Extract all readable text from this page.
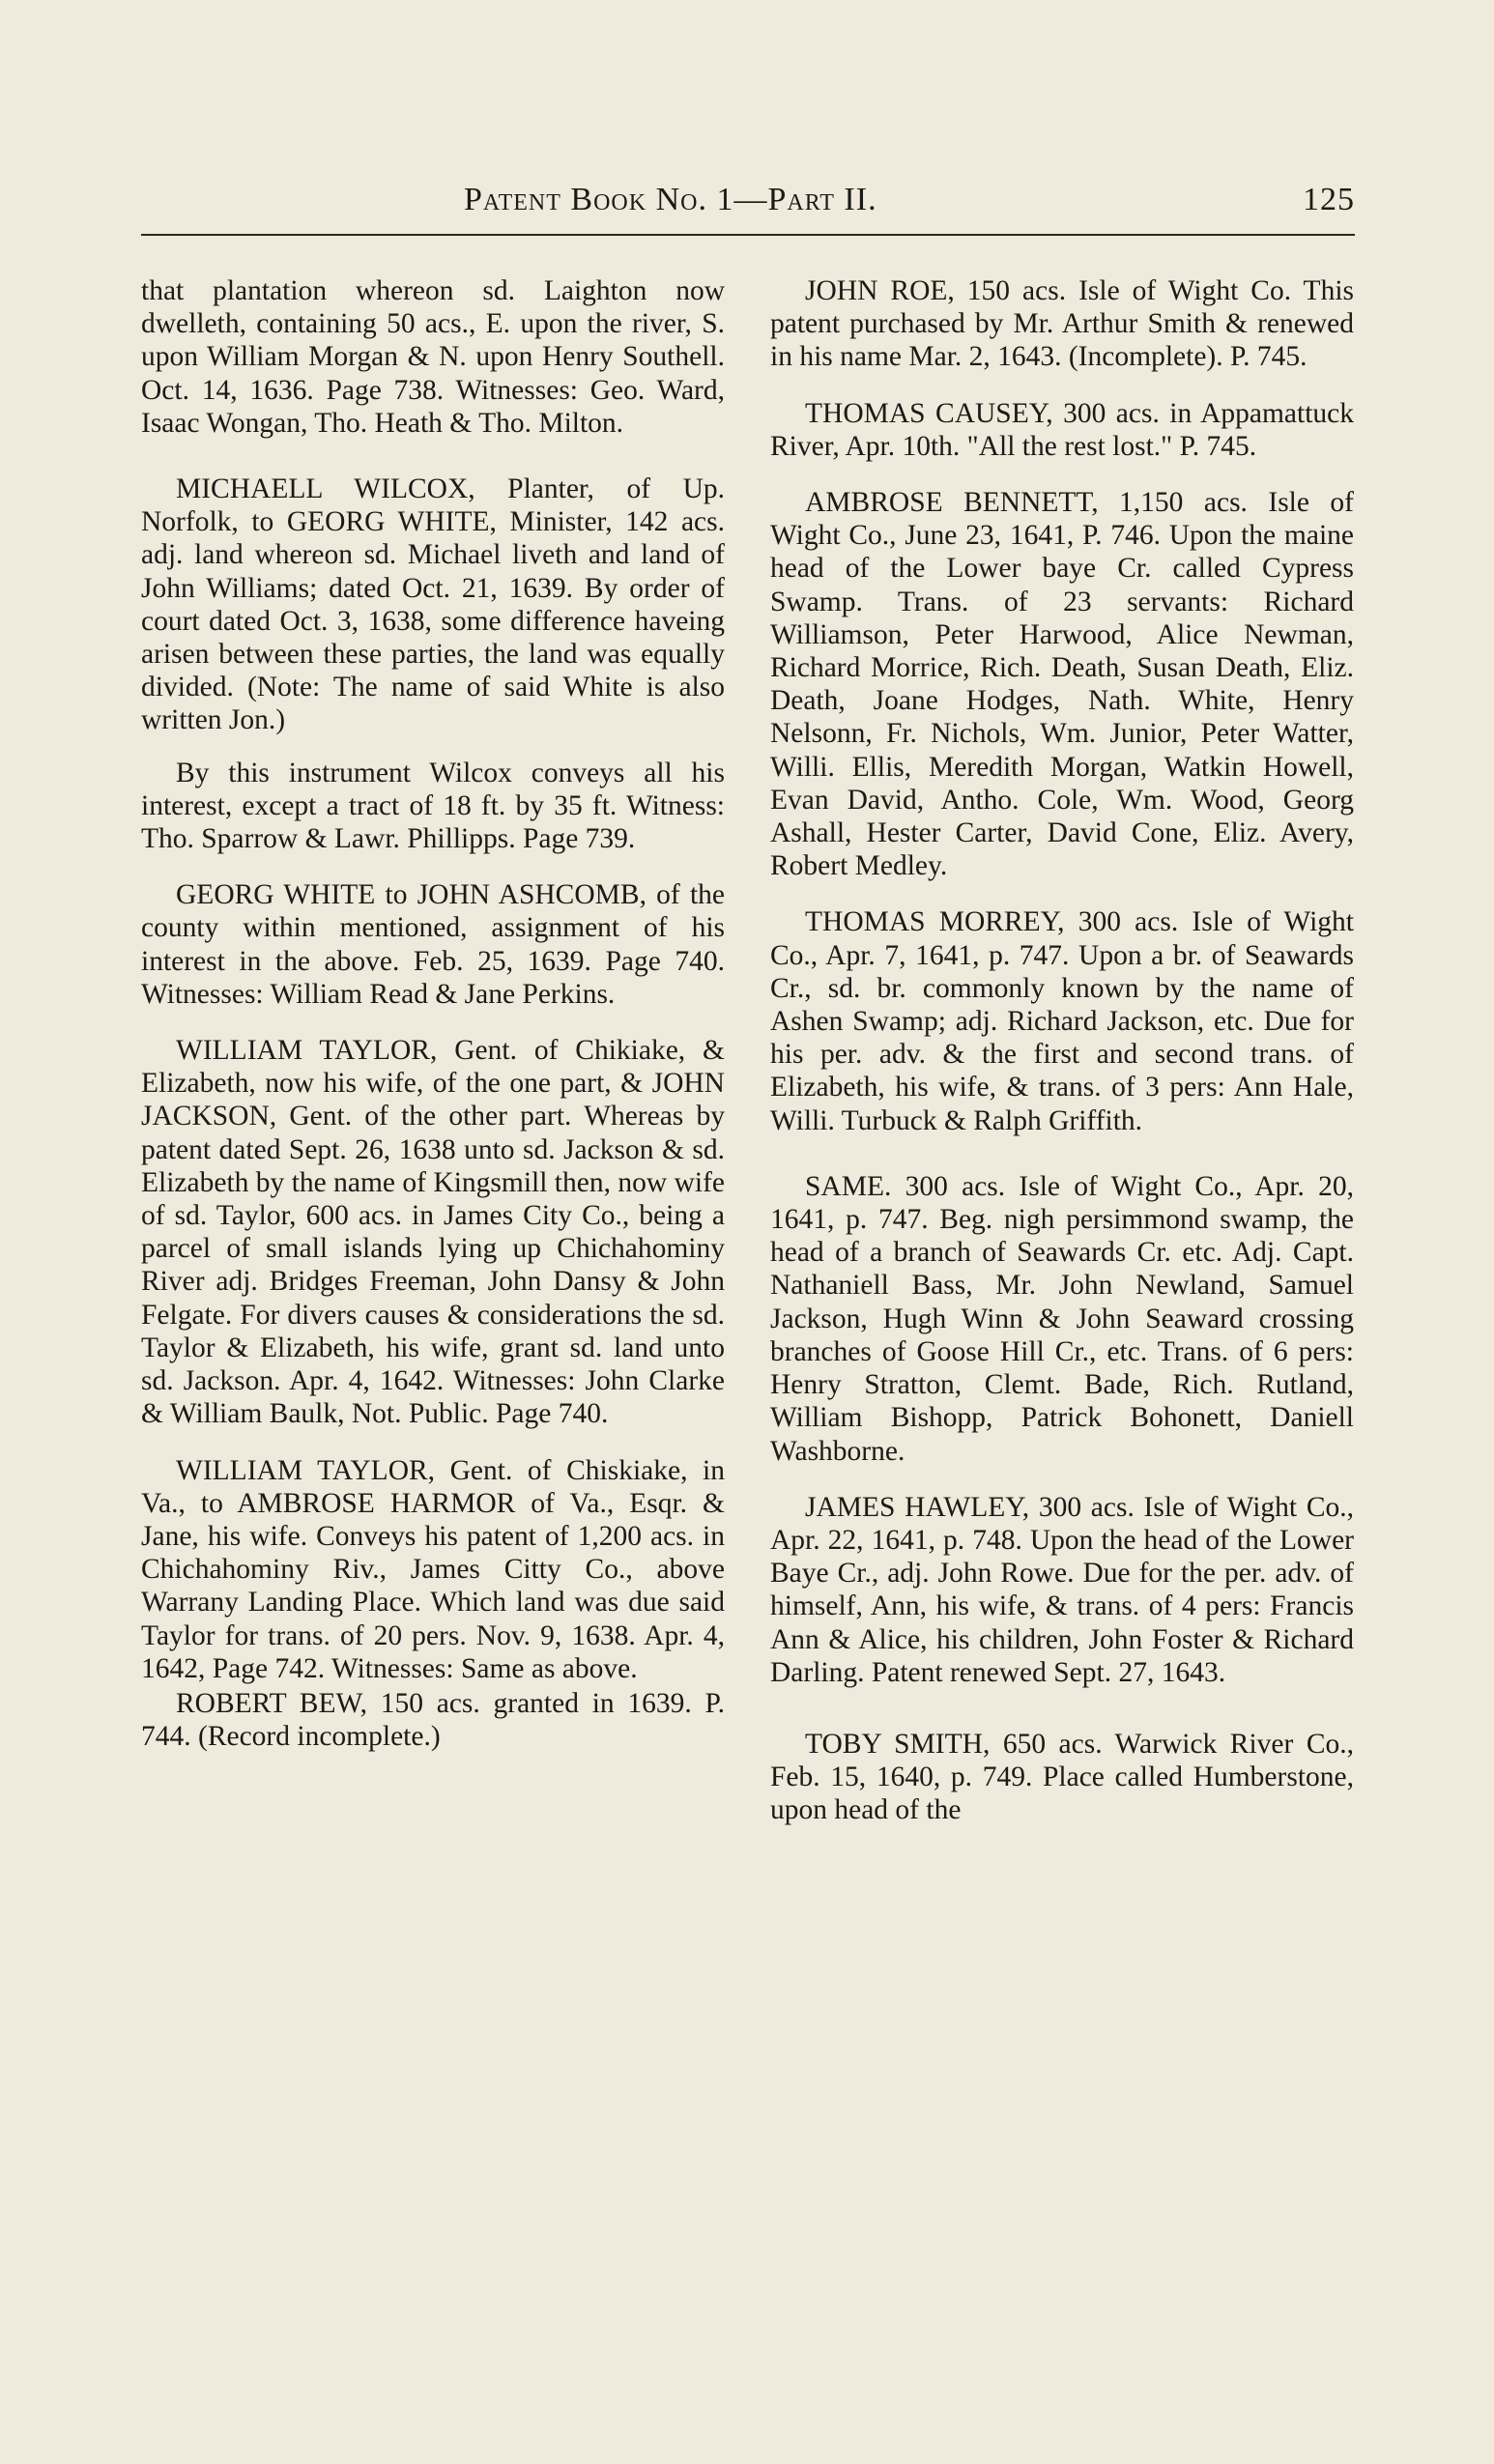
Patent Book No. 1—Part II.	125

that plantation whereon sd. Laighton now dwelleth, containing 50 acs., E. upon the river, S. upon William Morgan & N. upon Henry Southell. Oct. 14, 1636. Page 738. Witnesses: Geo. Ward, Isaac Wongan, Tho. Heath & Tho. Milton.

MICHAELL WILCOX, Planter, of Up. Norfolk, to GEORG WHITE, Minister, 142 acs. adj. land whereon sd. Michael liveth and land of John Williams; dated Oct. 21, 1639. By order of court dated Oct. 3, 1638, some difference haveing arisen between these parties, the land was equally divided. (Note: The name of said White is also written Jon.)

By this instrument Wilcox conveys all his interest, except a tract of 18 ft. by 35 ft. Witness: Tho. Sparrow & Lawr. Phillipps. Page 739.

GEORG WHITE to JOHN ASHCOMB, of the county within mentioned, assignment of his interest in the above. Feb. 25, 1639. Page 740. Witnesses: William Read & Jane Perkins.

WILLIAM TAYLOR, Gent. of Chikiake, & Elizabeth, now his wife, of the one part, & JOHN JACKSON, Gent. of the other part. Whereas by patent dated Sept. 26, 1638 unto sd. Jackson & sd. Elizabeth by the name of Kingsmill then, now wife of sd. Taylor, 600 acs. in James City Co., being a parcel of small islands lying up Chichahominy River adj. Bridges Freeman, John Dansy & John Felgate. For divers causes & considerations the sd. Taylor & Elizabeth, his wife, grant sd. land unto sd. Jackson. Apr. 4, 1642. Witnesses: John Clarke & William Baulk, Not. Public. Page 740.

WILLIAM TAYLOR, Gent. of Chiskiake, in Va., to AMBROSE HARMOR of Va., Esqr. & Jane, his wife. Conveys his patent of 1,200 acs. in Chichahominy Riv., James Citty Co., above Warrany Landing Place. Which land was due said Taylor for trans. of 20 pers. Nov. 9, 1638. Apr. 4, 1642, Page 742. Witnesses: Same as above.

ROBERT BEW, 150 acs. granted in 1639. P. 744. (Record incomplete.)

JOHN ROE, 150 acs. Isle of Wight Co. This patent purchased by Mr. Arthur Smith & renewed in his name Mar. 2, 1643. (Incomplete). P. 745.

THOMAS CAUSEY, 300 acs. in Appamattuck River, Apr. 10th. "All the rest lost." P. 745.

AMBROSE BENNETT, 1,150 acs. Isle of Wight Co., June 23, 1641, P. 746. Upon the maine head of the Lower baye Cr. called Cypress Swamp. Trans. of 23 servants: Richard Williamson, Peter Harwood, Alice Newman, Richard Morrice, Rich. Death, Susan Death, Eliz. Death, Joane Hodges, Nath. White, Henry Nelsonn, Fr. Nichols, Wm. Junior, Peter Watter, Willi. Ellis, Meredith Morgan, Watkin Howell, Evan David, Antho. Cole, Wm. Wood, Georg Ashall, Hester Carter, David Cone, Eliz. Avery, Robert Medley.

THOMAS MORREY, 300 acs. Isle of Wight Co., Apr. 7, 1641, p. 747. Upon a br. of Seawards Cr., sd. br. commonly known by the name of Ashen Swamp; adj. Richard Jackson, etc. Due for his per. adv. & the first and second trans. of Elizabeth, his wife, & trans. of 3 pers: Ann Hale, Willi. Turbuck & Ralph Griffith.

SAME. 300 acs. Isle of Wight Co., Apr. 20, 1641, p. 747. Beg. nigh persimmond swamp, the head of a branch of Seawards Cr. etc. Adj. Capt. Nathaniell Bass, Mr. John Newland, Samuel Jackson, Hugh Winn & John Seaward crossing branches of Goose Hill Cr., etc. Trans. of 6 pers: Henry Stratton, Clemt. Bade, Rich. Rutland, William Bishopp, Patrick Bohonett, Daniell Washborne.

JAMES HAWLEY, 300 acs. Isle of Wight Co., Apr. 22, 1641, p. 748. Upon the head of the Lower Baye Cr., adj. John Rowe. Due for the per. adv. of himself, Ann, his wife, & trans. of 4 pers: Francis Ann & Alice, his children, John Foster & Richard Darling. Patent renewed Sept. 27, 1643.

TOBY SMITH, 650 acs. Warwick River Co., Feb. 15, 1640, p. 749. Place called Humberstone, upon head of the
